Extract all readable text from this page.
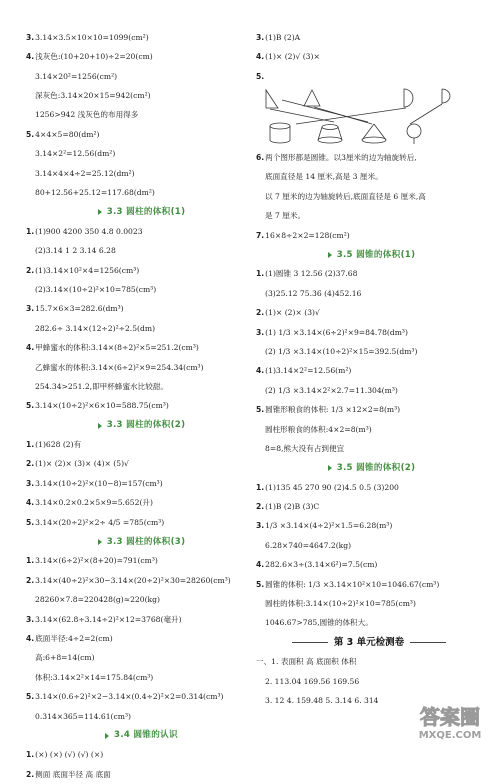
3. 3.14×3.5×10×10=1099(cm²)
4. 浅灰色:(10+20+10)÷2=20(cm)
3.14×20²=1256(cm²)
深灰色:3.14×20×15=942(cm²)
1256>942 浅灰色的布用得多
5. 4×4×5=80(dm²)
3.14×2²=12.56(dm²)
3.14×4×4÷2=25.12(dm²)
80+12.56+25.12=117.68(dm²)
3.3 圆柱的体积(1)
1. (1)900 4200 350 4.8 0.0023
(2)3.14 1 2 3.14 6.28
2. (1)3.14×10²×4=1256(cm³)
(2)3.14×(10÷2)²×10=785(cm³)
3. 15.7×6×3=282.6(dm³)
282.6÷ 3.14×(12÷2)²÷2.5(dm)
4. 甲蜂蜜水的体积:3.14×(8÷2)²×5=251.2(cm³)
乙蜂蜜水的体积:3.14×(6÷2)²×9=254.34(cm³)
254.34>251.2,即甲杯蜂蜜水比较甜。
5. 3.14×(10÷2)²×6×10=588.75(cm³)
3.3 圆柱的体积(2)
1. (1)628 (2)有
2. (1)× (2)× (3)× (4)× (5)√
3. 3.14×(10÷2)²×(10−8)=157(cm³)
4. 3.14×0.2×0.2×5×9=5.652(升)
5. 3.14×(20÷2)²×2÷ 4/5 =785(cm³)
3.3 圆柱的体积(3)
1. 3.14×(6÷2)²×(8+20)=791(cm³)
2. 3.14×(40÷2)²×30−3.14×(20÷2)²×30=28260(cm³)
28260×7.8=220428(g)≈220(kg)
3. 3.14×(62.8÷3.14÷2)²×12=3768(毫升)
4. 底面半径:4÷2=2(cm)
高:6+8=14(cm)
体积:3.14×2²×14=175.84(cm³)
5. 3.14×(0.6÷2)²×2−3.14×(0.4÷2)²×2=0.314(cm³)
0.314×365=114.61(cm³)
3.4 圆锥的认识
1. (×) (×) (√) (√) (×)
2. 侧面 底面半径 高 底面
3. (1)B (2)A
4. (1)× (2)√ (3)×
5.
6. 两个图形都是圆锥。以3厘米的边为轴旋转后,
底面直径是 14 厘米,高是 3 厘米。
以 7 厘米的边为轴旋转后,底面直径是 6 厘米,高
是 7 厘米。
7. 16×8÷2×2=128(cm²)
3.5 圆锥的体积(1)
1. (1)圆锥 3 12.56 (2)37.68
(3)25.12 75.36 (4)452.16
2. (1)× (2)× (3)√
3. (1) 1/3 ×3.14×(6÷2)²×9=84.78(dm³)
(2) 1/3 ×3.14×(10÷2)²×15=392.5(dm³)
4. (1)3.14×2²=12.56(m²)
(2) 1/3 ×3.14×2²×2.7=11.304(m³)
5. 圆锥形粮食的体积: 1/3 ×12×2=8(m³)
圆柱形粮食的体积:4×2=8(m³)
8=8,熊大没有占到便宜
3.5 圆锥的体积(2)
1. (1)135 45 270 90 (2)4.5 0.5 (3)200
2. (1)B (2)B (3)C
3. 1/3 ×3.14×(4÷2)²×1.5=6.28(m³)
6.28×740=4647.2(kg)
4. 282.6×3÷(3.14×6²)=7.5(cm)
5. 圆锥的体积: 1/3 ×3.14×10²×10=1046.67(cm³)
圆柱的体积:3.14×(10÷2)²×10=785(cm³)
1046.67>785,圆锥的体积大。
第 3 单元检测卷
一、1. 表面积 高 底面积 体积
2. 113.04 169.56 169.56
3. 12 4. 159.48 5. 3.14 6. 314
答案圈
MXQE.COM
